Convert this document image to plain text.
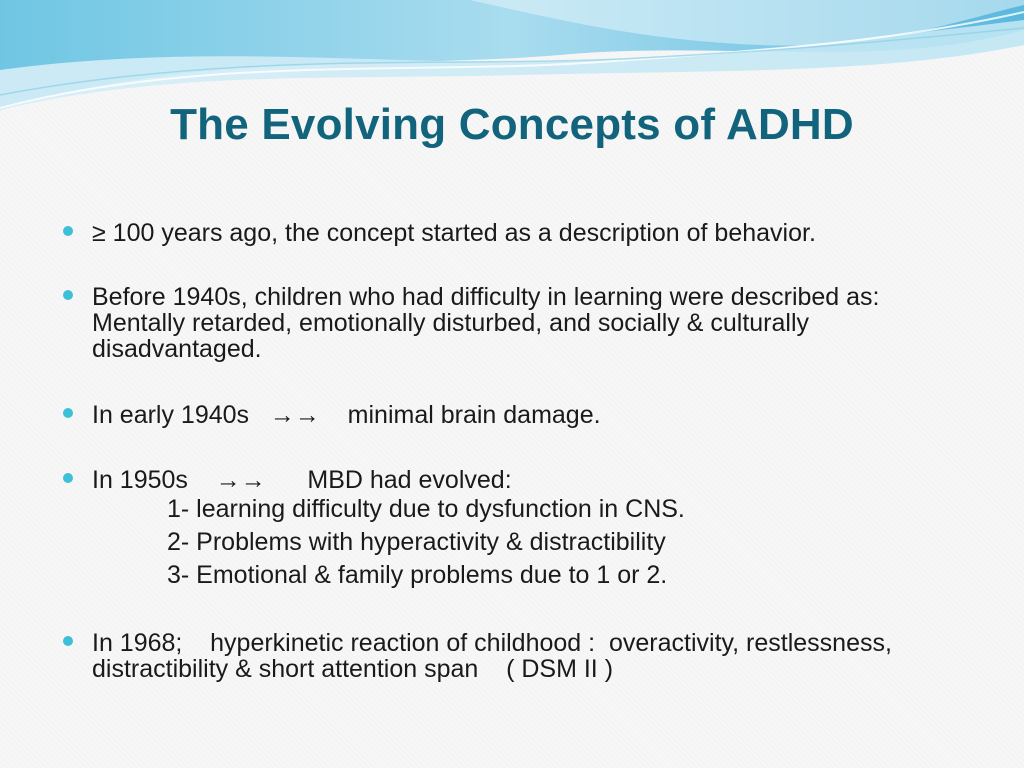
The Evolving Concepts of ADHD
≥ 100 years ago, the concept started as a description of behavior.
Before 1940s, children who had difficulty in learning were described as:
Mentally retarded, emotionally disturbed, and socially & culturally
disadvantaged.
In early 1940s   →→    minimal brain damage.
In 1950s    →→      MBD had evolved:
1- learning difficulty due to dysfunction in CNS.
2- Problems with hyperactivity & distractibility
3- Emotional & family problems due to 1 or 2.
In 1968;    hyperkinetic reaction of childhood :  overactivity, restlessness,
distractibility & short attention span    ( DSM II )
